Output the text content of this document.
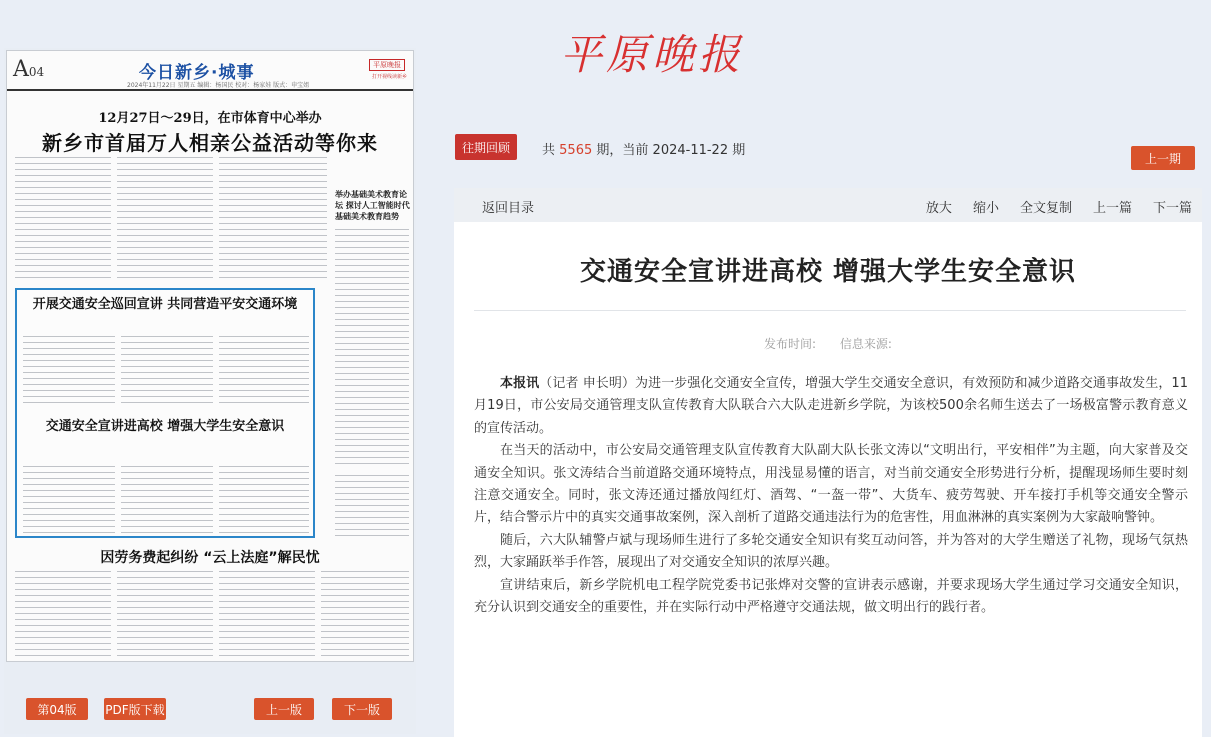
A04	今日新乡·城事
2024年11月22日 星期五 编辑：杨国民 校对：杨家娃 版式：申宝姐
平原晚报
打开视线读新乡
12月27日～29日，在市体育中心举办
新乡市首届万人相亲公益活动等你来
举办基础美术教育论坛 探讨人工智能时代基础美术教育趋势
开展交通安全巡回宣讲 共同营造平安交通环境
交通安全宣讲进高校 增强大学生安全意识
因劳务费起纠纷 “云上法庭”解民忧
第04版	PDF版下载	上一版	下一版
平原晚报
往期回顾	共 5565 期，当前 2024-11-22 期
上一期
返回目录	放大 缩小 全文复制 上一篇 下一篇
交通安全宣讲进高校 增强大学生安全意识
发布时间: 信息来源:

本报讯（记者 申长明）为进一步强化交通安全宣传，增强大学生交通安全意识，有效预防和减少道路交通事故发生，11月19日，市公安局交通管理支队宣传教育大队联合六大队走进新乡学院，为该校500余名师生送去了一场极富警示教育意义的宣传活动。

在当天的活动中，市公安局交通管理支队宣传教育大队副大队长张文涛以“文明出行，平安相伴”为主题，向大家普及交通安全知识。张文涛结合当前道路交通环境特点，用浅显易懂的语言，对当前交通安全形势进行分析，提醒现场师生要时刻注意交通安全。同时，张文涛还通过播放闯红灯、酒驾、“一盔一带”、大货车、疲劳驾驶、开车接打手机等交通安全警示片，结合警示片中的真实交通事故案例，深入剖析了道路交通违法行为的危害性，用血淋淋的真实案例为大家敲响警钟。

随后，六大队辅警卢斌与现场师生进行了多轮交通安全知识有奖互动问答，并为答对的大学生赠送了礼物，现场气氛热烈，大家踊跃举手作答，展现出了对交通安全知识的浓厚兴趣。

宣讲结束后，新乡学院机电工程学院党委书记张烨对交警的宣讲表示感谢，并要求现场大学生通过学习交通安全知识，充分认识到交通安全的重要性，并在实际行动中严格遵守交通法规，做文明出行的践行者。
